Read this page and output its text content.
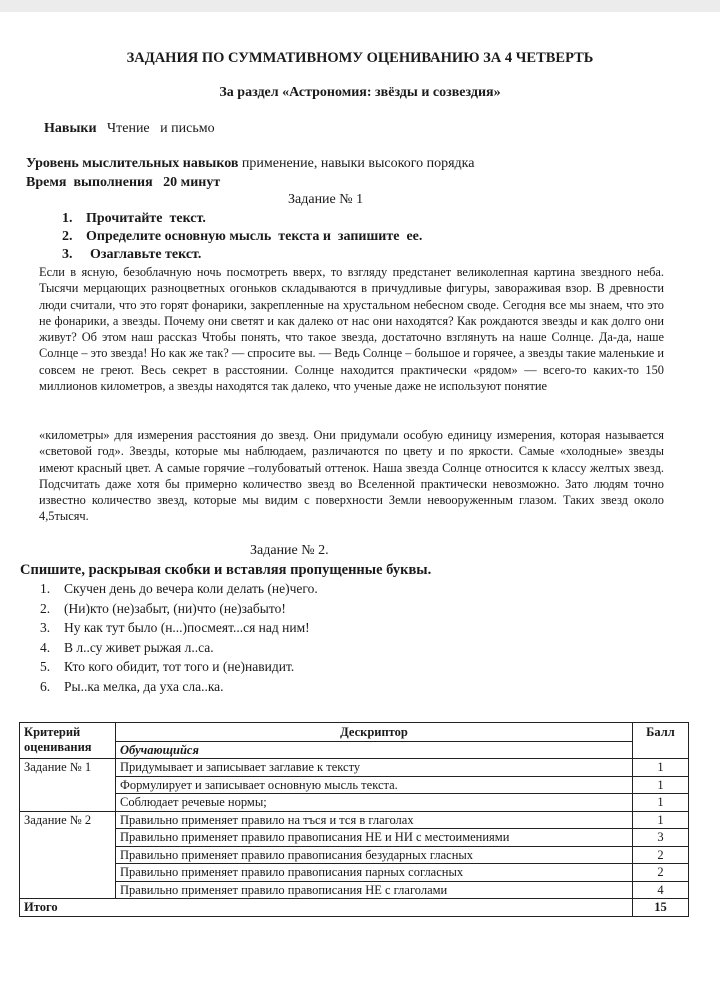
ЗАДАНИЯ ПО СУММАТИВНОМУ ОЦЕНИВАНИЮ ЗА 4 ЧЕТВЕРТЬ
За раздел «Астрономия: звёзды и созвездия»
Навыки Чтение   и письмо
Уровень мыслительных навыков применение, навыки высокого порядка
Время  выполнения   20 минут
Задание № 1
1. Прочитайте  текст.
2. Определите основную мысль  текста и  запишите  ее.
3. Озаглавьте текст.
Если в ясную, безоблачную ночь посмотреть вверх, то взгляду предстанет великолепная картина звездного неба. Тысячи мерцающих разноцветных огоньков складываются в причудливые фигуры, завораживая взор. В древности люди считали, что это горят фонарики, закрепленные на хрустальном небесном своде. Сегодня все мы знаем, что это не фонарики, а звезды. Почему они светят и как далеко от нас они находятся? Как рождаются звезды и как долго они живут? Об этом наш рассказ Чтобы понять, что такое звезда, достаточно взглянуть на наше Солнце. Да-да, наше Солнце – это звезда! Но как же так? — спросите вы. — Ведь Солнце – большое и горячее, а звезды такие маленькие и совсем не греют. Весь секрет в расстоянии. Солнце находится практически «рядом» — всего-то каких-то 150 миллионов километров, а звезды находятся так далеко, что ученые даже не используют понятие
«километры» для измерения расстояния до звезд. Они придумали особую единицу измерения, которая называется «световой год». Звезды, которые мы наблюдаем, различаются по цвету и по яркости. Самые «холодные» звезды имеют красный цвет. А самые горячие –голубоватый оттенок. Наша звезда Солнце относится к классу желтых звезд. Подсчитать даже хотя бы примерно количество звезд во Вселенной практически невозможно. Зато людям точно известно количество звезд, которые мы видим с поверхности Земли невооруженным глазом. Таких звезд около 4,5тысяч.
Задание № 2.
Спишите, раскрывая скобки и вставляя пропущенные буквы.
1. Скучен день до вечера коли делать (не)чего.
2. (Ни)кто (не)забыт, (ни)что (не)забыто!
3. Ну как тут было (н...)посмеят...ся над ним!
4. В л..су живет рыжая л..са.
5. Кто кого обидит, тот того и (не)навидит.
6. Ры..ка мелка, да уха сла..ка.
Критерий оценивания	Дескриптор	Балл
	Обучающийся	
Задание № 1	Придумывает и записывает заглавие к тексту	1
	Формулирует и записывает основную мысль текста.	1
	Соблюдает речевые нормы;	1
Задание № 2	Правильно применяет правило на тъся и тся в глаголах	1
	Правильно применяет правило правописания НЕ и НИ с местоимениями	3
	Правильно применяет правило правописания безударных гласных	2
	Правильно применяет правило правописания парных согласных	2
	Правильно применяет правило правописания НЕ с глаголами	4
Итого		15
